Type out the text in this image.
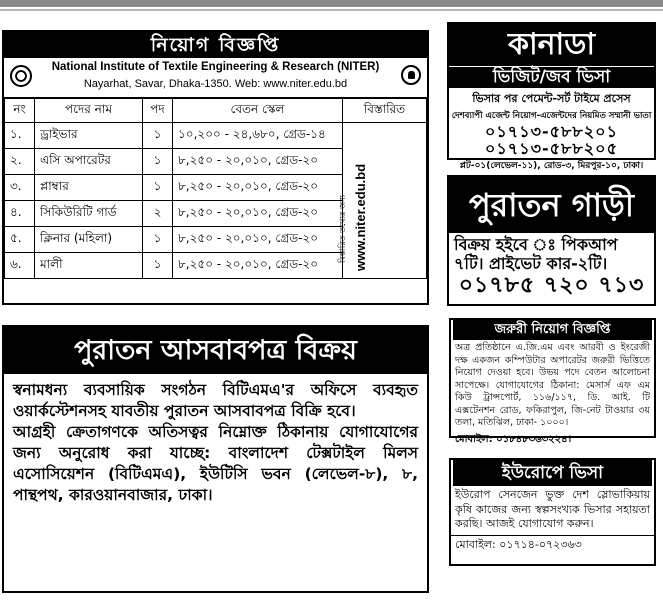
নিয়োগ বিজ্ঞপ্তি
National Institute of Textile Engineering & Research (NITER)
Nayarhat, Savar, Dhaka-1350. Web: www.niter.edu.bd
নং	পদের নাম	পদ	বেতন স্কেল	বিস্তারিত
১.	ড্রাইভার	১	১০,২০০ - ২৪,৬৮০, গ্রেড-১৪	বিস্তারিত তথ্যের জন্য www.niter.edu.bd

২.	এসি অপারেটর	১	৮,২৫০ - ২০,০১০, গ্রেড-২০	
৩.	প্লাম্বার	১	৮,২৫০ - ২০,০১০, গ্রেড-২০	
৪.	সিকিউরিটি গার্ড	২	৮,২৫০ - ২০,০১০, গ্রেড-২০	
৫.	ক্লিনার (মহিলা)	১	৮,২৫০ - ২০,০১০, গ্রেড-২০	
৬.	মালী	১	৮,২৫০ - ২০,০১০, গ্রেড-২০	
পুরাতন আসবাবপত্র বিক্রয়

স্বনামধন্য ব্যবসায়িক সংগঠন বিটিএমএ'র অফিসে ব্যবহৃত ওয়ার্কস্টেশনসহ যাবতীয় পুরাতন আসবাবপত্র বিক্রি হবে।

আগ্রহী ক্রেতাগণকে অতিসত্বর নিম্নোক্ত ঠিকানায় যোগাযোগের জন্য অনুরোধ করা যাচ্ছে: বাংলাদেশ টেক্সটাইল মিলস এসোসিয়েশন (বিটিএমএ), ইউটিসি ভবন (লেভেল-৮), ৮, পান্থপথ, কারওয়ানবাজার, ঢাকা।

কানাডা
ভিজিট/জব ভিসা
ভিসার পর পেমেন্ট-সর্ট টাইমে প্রসেস
দেশব্যাপী এজেন্ট নিয়োগ-এজেন্টদের নিয়মিত সম্মানী ভাতা
০১৭১৩-৫৮৮২০১
০১৭১৩-৫৮৮২০৫
প্লট-০১(লেভেল-১১), রোড-৩, মিরপুর-১০, ঢাকা।
পুরাতন গাড়ী
বিক্রয় হইবে ঃ পিকআপ ৭টি। প্রাইভেট কার-২টি।
০১৭৮৫ ৭২০ ৭১৩
জরুরী নিয়োগ বিজ্ঞপ্তি
অত্র প্রতিষ্ঠানে এ.জি.এম এবং আরবী ও ইংরেজী দক্ষ একজন কম্পিউটার অপারেটর জরুরী ভিত্তিতে নিয়োগ দেওয়া হবে। উভয় পদে বেতন আলোচনা সাপেক্ষে। যোগাযোগের ঠিকানা: মেসার্স এফ এম কিউ ট্রান্সপোর্ট, ১১৬/১১৭, ডি. আই. টি এক্সটেনশন রোড, ফকিরাপুল, জি-নেট টাওয়ার ৩য় তলা, মতিঝিল, ঢাকা- ১০০০।
মোবাইল: ০১৮৪৮৩৬৩২২৪।
ইউরোপে ভিসা
ইউরোপ সেনজেন ভুক্ত দেশ স্লোভাকিয়ায় কৃষি কাজের জন্য স্বল্পসংখ্যক ভিসার সহায়তা করছি। আজই যোগাযোগ করুন।
মোবাইল: ০১৭১৪-০৭২৩৬৩
